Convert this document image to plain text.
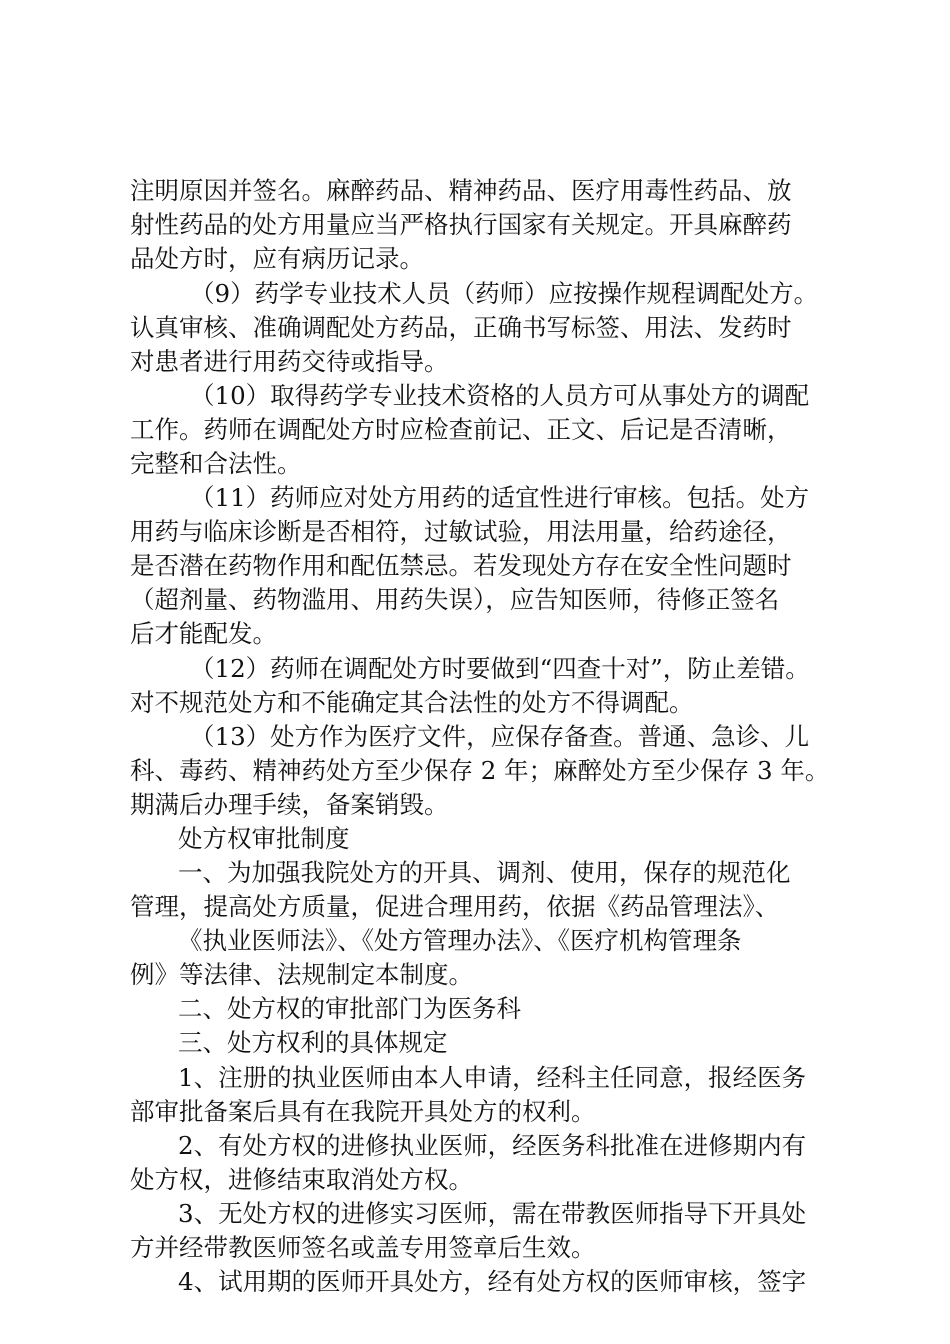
注明原因并签名。麻醉药品、精神药品、医疗用毒性药品、放
射性药品的处方用量应当严格执行国家有关规定。开具麻醉药
品处方时，应有病历记录。
（9）药学专业技术人员（药师）应按操作规程调配处方。
认真审核、准确调配处方药品，正确书写标签、用法、发药时
对患者进行用药交待或指导。
（10）取得药学专业技术资格的人员方可从事处方的调配
工作。药师在调配处方时应检查前记、正文、后记是否清晰，
完整和合法性。
（11）药师应对处方用药的适宜性进行审核。包括。处方
用药与临床诊断是否相符，过敏试验，用法用量，给药途径，
是否潜在药物作用和配伍禁忌。若发现处方存在安全性问题时
（超剂量、药物滥用、用药失误），应告知医师，待修正签名
后才能配发。
（12）药师在调配处方时要做到“四查十对”，防止差错。
对不规范处方和不能确定其合法性的处方不得调配。
（13）处方作为医疗文件，应保存备查。普通、急诊、儿
科、毒药、精神药处方至少保存 2 年；麻醉处方至少保存 3 年。
期满后办理手续，备案销毁。
处方权审批制度
一、为加强我院处方的开具、调剂、使用，保存的规范化
管理，提高处方质量，促进合理用药，依据《药品管理法》、
《执业医师法》、《处方管理办法》、《医疗机构管理条
例》等法律、法规制定本制度。
二、处方权的审批部门为医务科
三、处方权利的具体规定
1、注册的执业医师由本人申请，经科主任同意，报经医务
部审批备案后具有在我院开具处方的权利。
2、有处方权的进修执业医师，经医务科批准在进修期内有
处方权，进修结束取消处方权。
3、无处方权的进修实习医师，需在带教医师指导下开具处
方并经带教医师签名或盖专用签章后生效。
4、试用期的医师开具处方，经有处方权的医师审核，签字
